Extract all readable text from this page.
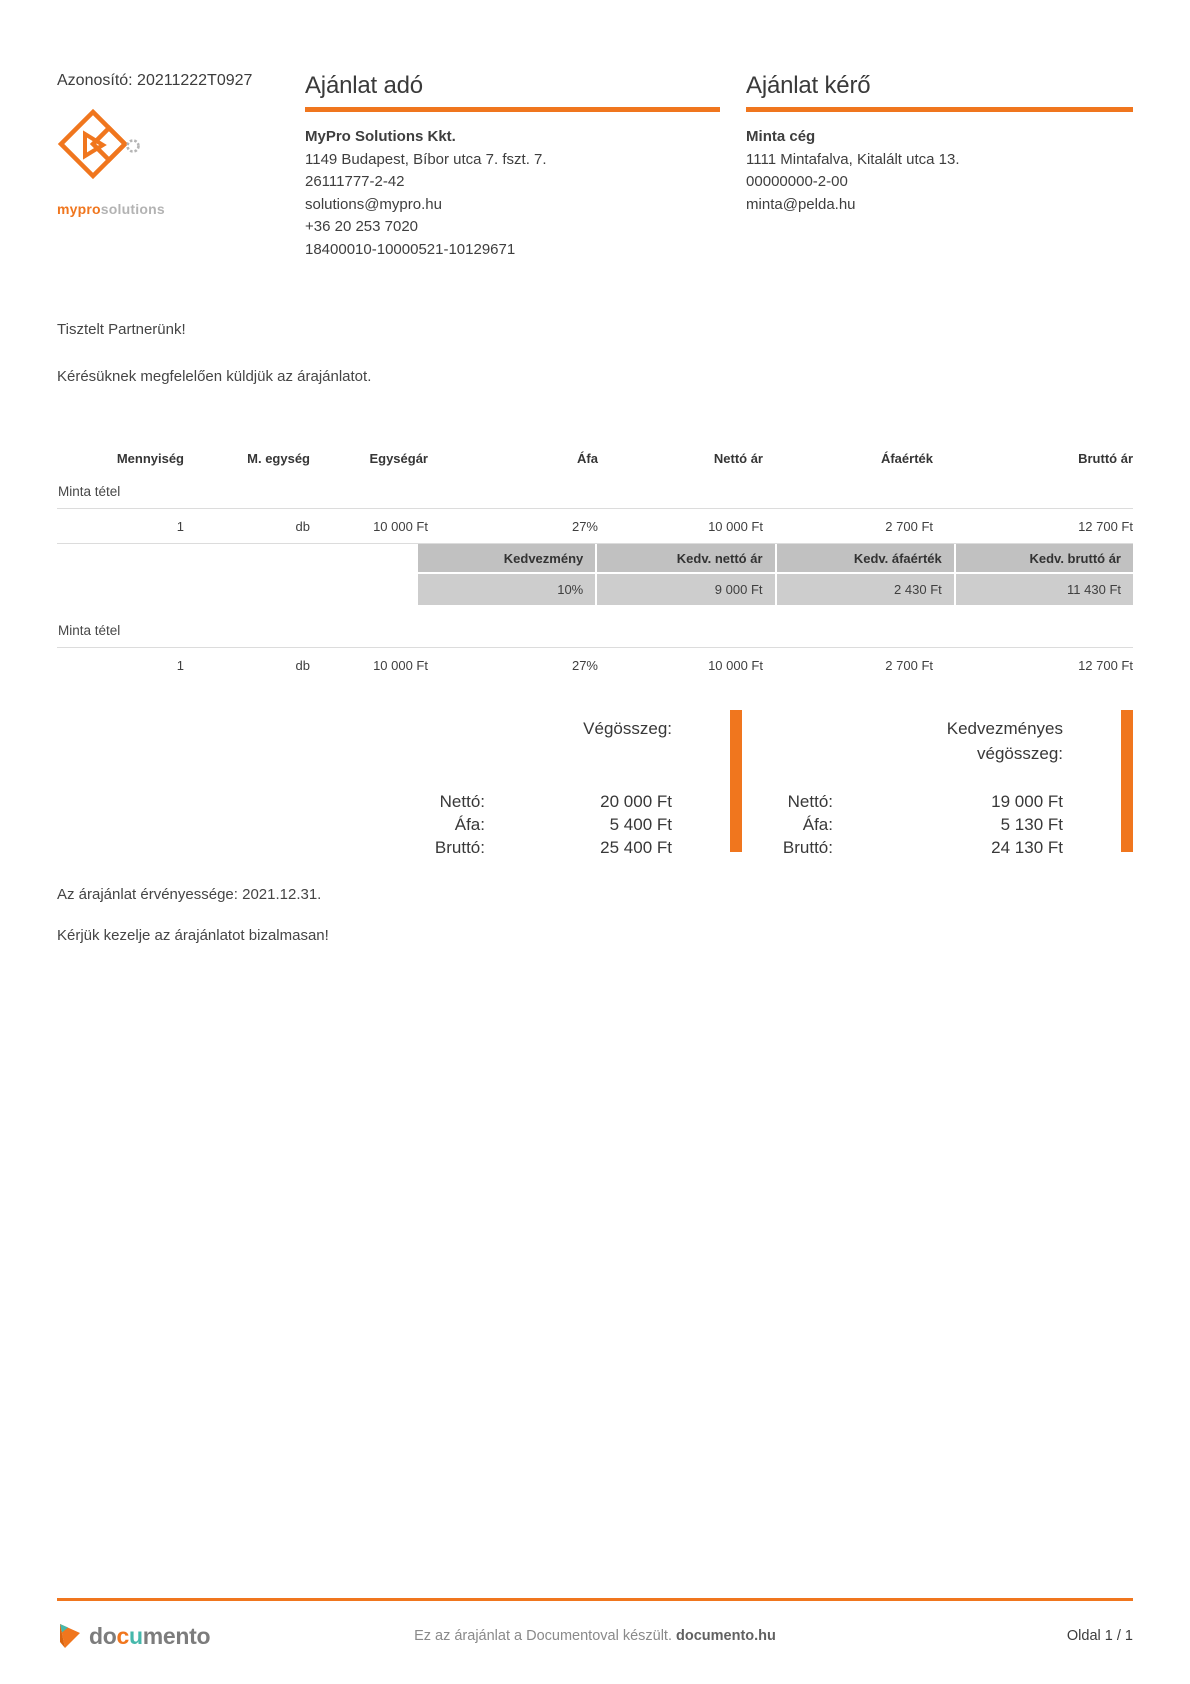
Azonosító: 20211222T0927
myprosolutions
Ajánlat adó
MyPro Solutions Kkt.
1149 Budapest, Bíbor utca 7. fszt. 7.
26111777-2-42
solutions@mypro.hu
+36 20 253 7020
18400010-10000521-10129671
Ajánlat kérő
Minta cég
1111 Mintafalva, Kitalált utca 13.
00000000-2-00
minta@pelda.hu

Tisztelt Partnerünk!

Kérésüknek megfelelően küldjük az árajánlatot.

Mennyiség	M. egység	Egységár	Áfa	Nettó ár	Áfaérték	Bruttó ár
Minta tétel
1	db	10 000 Ft	27%	10 000 Ft	2 700 Ft	12 700 Ft
Kedvezmény	Kedv. nettó ár	Kedv. áfaérték	Kedv. bruttó ár
10%	9 000 Ft	2 430 Ft	11 430 Ft
Minta tétel
1	db	10 000 Ft	27%	10 000 Ft	2 700 Ft	12 700 Ft
Végösszeg:
Nettó:	20 000 Ft
Áfa:	5 400 Ft
Bruttó:	25 400 Ft
Kedvezményes
végösszeg:
Nettó:	19 000 Ft
Áfa:	5 130 Ft
Bruttó:	24 130 Ft

Az árajánlat érvényessége: 2021.12.31.

Kérjük kezelje az árajánlatot bizalmasan!

documento	Ez az árajánlat a Documentoval készült. documento.hu	Oldal 1 / 1
